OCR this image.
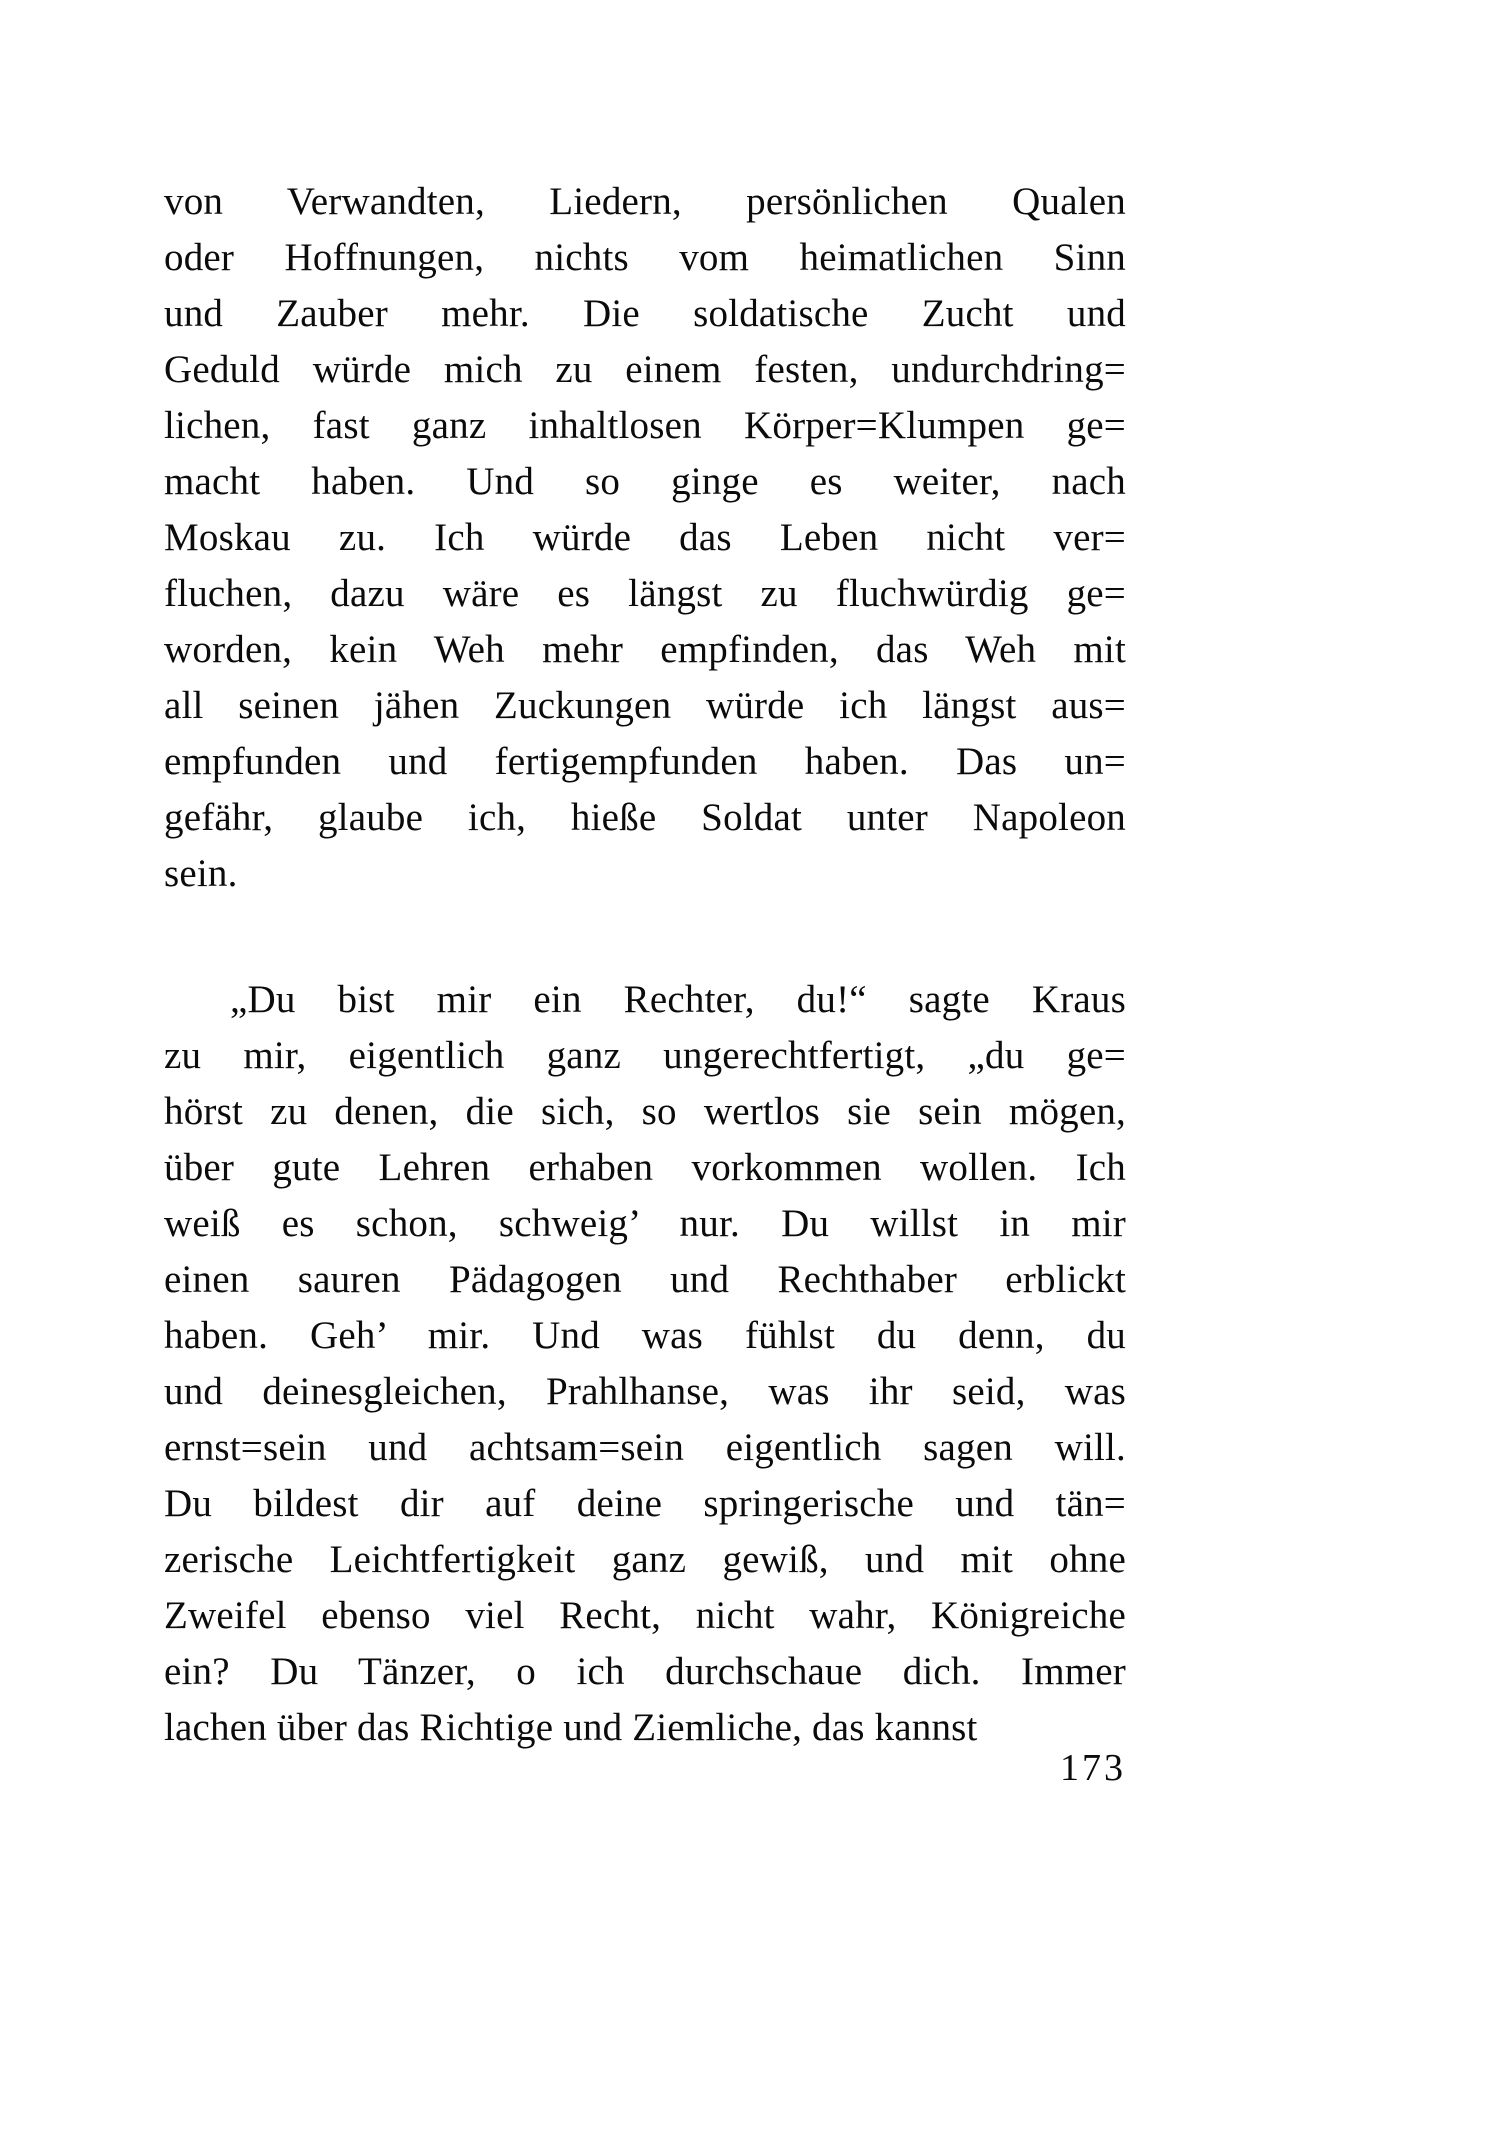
von Verwandten, Liedern, persönlichen Qualen
oder Hoffnungen, nichts vom heimatlichen Sinn
und Zauber mehr. Die soldatische Zucht und
Geduld würde mich zu einem festen, undurchdring=
lichen, fast ganz inhaltlosen Körper=Klumpen ge=
macht haben. Und so ginge es weiter, nach
Moskau zu. Ich würde das Leben nicht ver=
fluchen, dazu wäre es längst zu fluchwürdig ge=
worden, kein Weh mehr empfinden, das Weh mit
all seinen jähen Zuckungen würde ich längst aus=
empfunden und fertigempfunden haben. Das un=
gefähr, glaube ich, hieße Soldat unter Napoleon
sein.
„Du bist mir ein Rechter, du!“ sagte Kraus
zu mir, eigentlich ganz ungerechtfertigt, „du ge=
hörst zu denen, die sich, so wertlos sie sein mögen,
über gute Lehren erhaben vorkommen wollen. Ich
weiß es schon, schweig’ nur. Du willst in mir
einen sauren Pädagogen und Rechthaber erblickt
haben. Geh’ mir. Und was fühlst du denn, du
und deinesgleichen, Prahlhanse, was ihr seid, was
ernst=sein und achtsam=sein eigentlich sagen will.
Du bildest dir auf deine springerische und tän=
zerische Leichtfertigkeit ganz gewiß, und mit ohne
Zweifel ebenso viel Recht, nicht wahr, Königreiche
ein? Du Tänzer, o ich durchschaue dich. Immer
lachen über das Richtige und Ziemliche, das kannst
173
